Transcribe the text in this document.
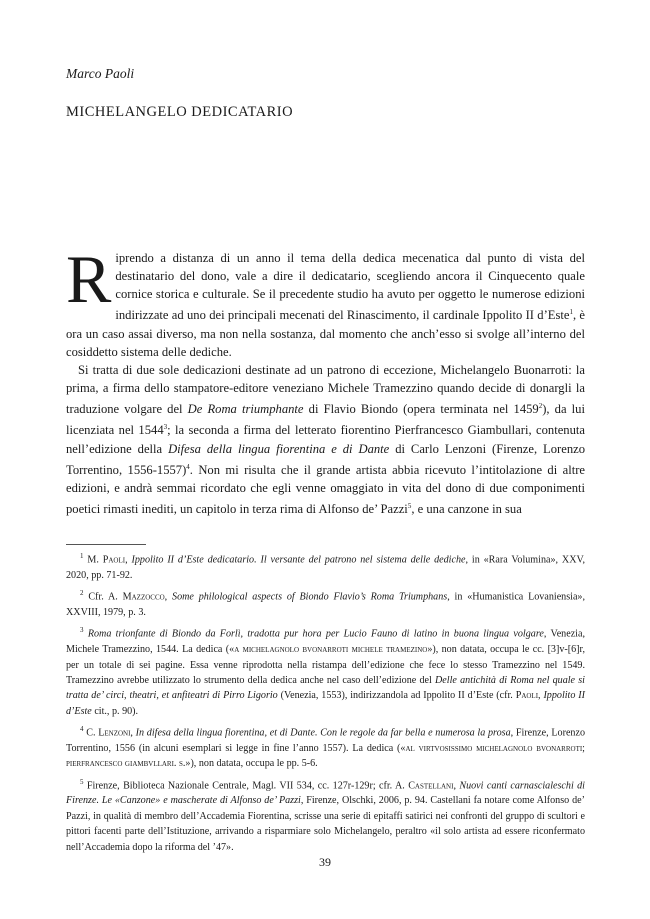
Marco Paoli
MICHELANGELO DEDICATARIO

Riprendo a distanza di un anno il tema della dedica mecenatica dal punto di vista del destinatario del dono, vale a dire il dedicatario, scegliendo ancora il Cinquecento quale cornice storica e culturale. Se il precedente studio ha avuto per oggetto le numerose edizioni indirizzate ad uno dei principali mecenati del Rinascimento, il cardinale Ippolito II d’Este$^1$, è ora un caso assai diverso, ma non nella sostanza, dal momento che anch’esso si svolge all’interno del cosiddetto sistema delle dediche.

Si tratta di due sole dedicazioni destinate ad un patrono di eccezione, Michelangelo Buonarroti: la prima, a firma dello stampatore-editore veneziano Michele Tramezzino quando decide di donargli la traduzione volgare del De Roma triumphante di Flavio Biondo (opera terminata nel 1459$^2$), da lui licenziata nel 1544$^3$; la seconda a firma del letterato fiorentino Pierfrancesco Giambullari, contenuta nell’edizione della Difesa della lingua fiorentina e di Dante di Carlo Lenzoni (Firenze, Lorenzo Torrentino, 1556-1557)$^4$. Non mi risulta che il grande artista abbia ricevuto l’intitolazione di altre edizioni, e andrà semmai ricordato che egli venne omaggiato in vita del dono di due componimenti poetici rimasti inediti, un capitolo in terza rima di Alfonso de’ Pazzi$^5$, e una canzone in sua

$^1$ M. Paoli, Ippolito II d’Este dedicatario. Il versante del patrono nel sistema delle dediche, in «Rara Volumina», XXV, 2020, pp. 71-92.

$^2$ Cfr. A. Mazzocco, Some philological aspects of Biondo Flavio’s Roma Triumphans, in «Humanistica Lovaniensia», XXVIII, 1979, p. 3.

$^3$ Roma trionfante di Biondo da Forlì, tradotta pur hora per Lucio Fauno di latino in buona lingua volgare, Venezia, Michele Tramezzino, 1544. La dedica («a michelagnolo bvonarroti michele tramezino»), non datata, occupa le cc. [3]v-[6]r, per un totale di sei pagine. Essa venne riprodotta nella ristampa dell’edizione che fece lo stesso Tramezzino nel 1549. Tramezzino avrebbe utilizzato lo strumento della dedica anche nel caso dell’edizione del Delle antichità di Roma nel quale si tratta de’ circi, theatri, et anfiteatri di Pirro Ligorio (Venezia, 1553), indirizzandola ad Ippolito II d’Este (cfr. Paoli, Ippolito II d’Este cit., p. 90).

$^4$ C. Lenzoni, In difesa della lingua fiorentina, et di Dante. Con le regole da far bella e numerosa la prosa, Firenze, Lorenzo Torrentino, 1556 (in alcuni esemplari si legge in fine l’anno 1557). La dedica («al virtvosissimo michelagnolo bvonarroti; pierfrancesco giambvllari. s.»), non datata, occupa le pp. 5-6.

$^5$ Firenze, Biblioteca Nazionale Centrale, Magl. VII 534, cc. 127r-129r; cfr. A. Castellani, Nuovi canti carnascialeschi di Firenze. Le «Canzone» e mascherate di Alfonso de’ Pazzi, Firenze, Olschki, 2006, p. 94. Castellani fa notare come Alfonso de’ Pazzi, in qualità di membro dell’Accademia Fiorentina, scrisse una serie di epitaffi satirici nei confronti del gruppo di scultori e pittori facenti parte dell’Istituzione, arrivando a risparmiare solo Michelangelo, peraltro «il solo artista ad essere riconfermato nell’Accademia dopo la riforma del ’47».

39
